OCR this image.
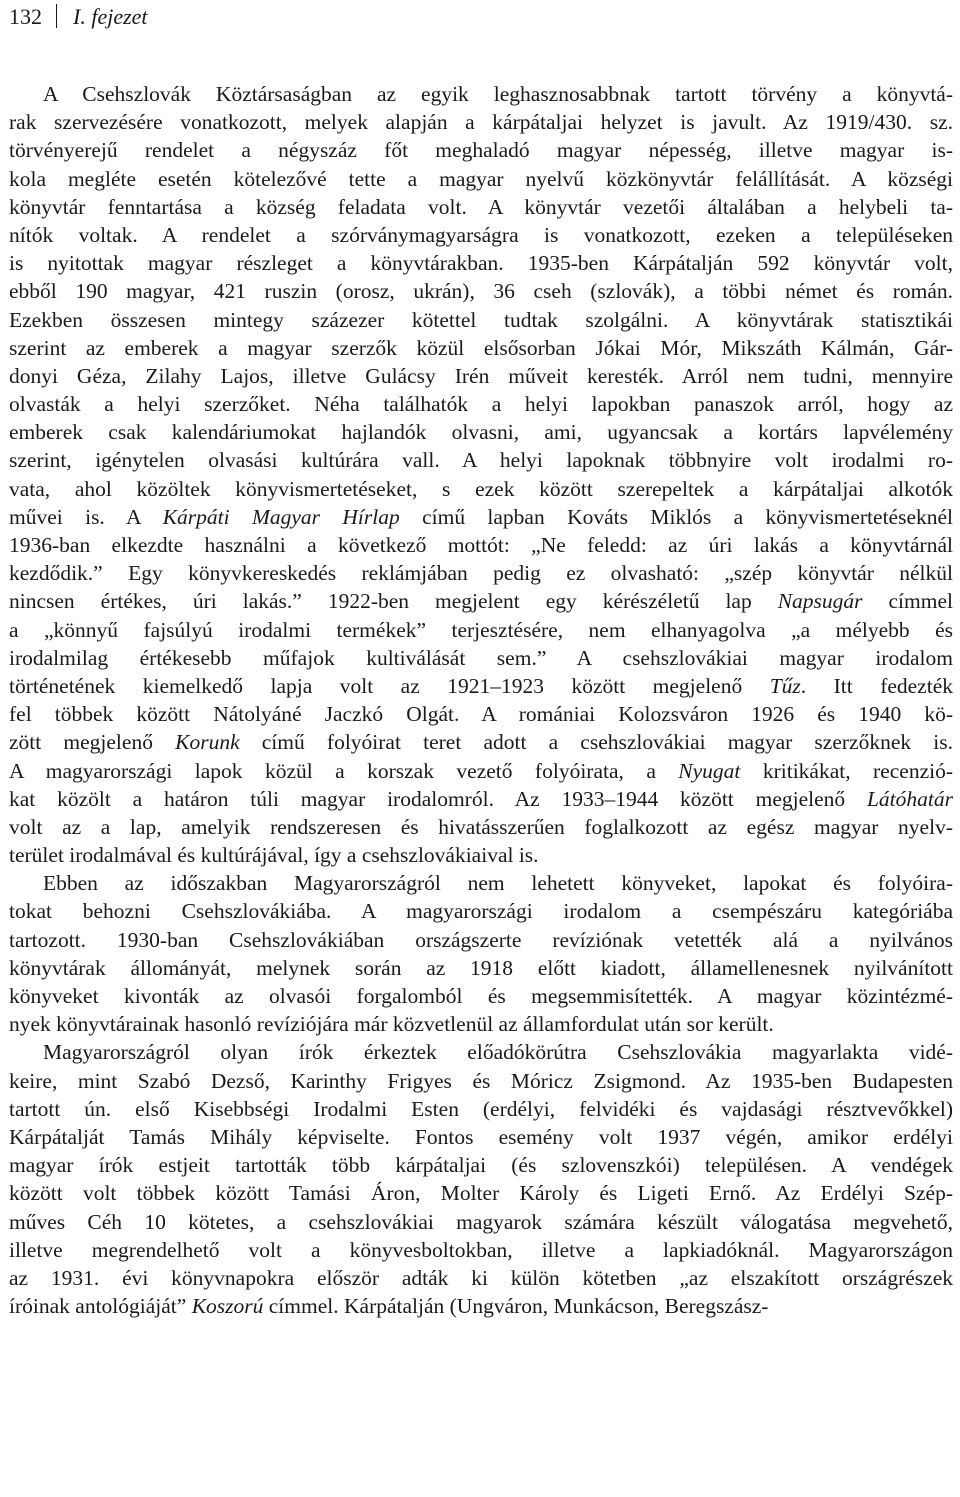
132 I. fejezet
A Csehszlovák Köztársaságban az egyik leghasznosabbnak tartott törvény a könyvtá-
rak szervezésére vonatkozott, melyek alapján a kárpátaljai helyzet is javult. Az 1919/430. sz.
törvényerejű rendelet a négyszáz főt meghaladó magyar népesség, illetve magyar is-
kola megléte esetén kötelezővé tette a magyar nyelvű közkönyvtár felállítását. A községi
könyvtár fenntartása a község feladata volt. A könyvtár vezetői általában a helybeli ta-
nítók voltak. A rendelet a szórványmagyarságra is vonatkozott, ezeken a településeken
is nyitottak magyar részleget a könyvtárakban. 1935-ben Kárpátalján 592 könyvtár volt,
ebből 190 magyar, 421 ruszin (orosz, ukrán), 36 cseh (szlovák), a többi német és román.
Ezekben összesen mintegy százezer kötettel tudtak szolgálni. A könyvtárak statisztikái
szerint az emberek a magyar szerzők közül elsősorban Jókai Mór, Mikszáth Kálmán, Gár-
donyi Géza, Zilahy Lajos, illetve Gulácsy Irén műveit keresték. Arról nem tudni, mennyire
olvasták a helyi szerzőket. Néha találhatók a helyi lapokban panaszok arról, hogy az
emberek csak kalendáriumokat hajlandók olvasni, ami, ugyancsak a kortárs lapvélemény
szerint, igénytelen olvasási kultúrára vall. A helyi lapoknak többnyire volt irodalmi ro-
vata, ahol közöltek könyvismertetéseket, s ezek között szerepeltek a kárpátaljai alkotók
művei is. A Kárpáti Magyar Hírlap című lapban Kováts Miklós a könyvismertetéseknél
1936-ban elkezdte használni a következő mottót: „Ne feledd: az úri lakás a könyvtárnál
kezdődik.” Egy könyvkereskedés reklámjában pedig ez olvasható: „szép könyvtár nélkül
nincsen értékes, úri lakás.” 1922-ben megjelent egy kérészéletű lap Napsugár címmel
a „könnyű fajsúlyú irodalmi termékek” terjesztésére, nem elhanyagolva „a mélyebb és
irodalmilag értékesebb műfajok kultiválását sem.” A csehszlovákiai magyar irodalom
történetének kiemelkedő lapja volt az 1921–1923 között megjelenő Tűz. Itt fedezték
fel többek között Nátolyáné Jaczkó Olgát. A romániai Kolozsváron 1926 és 1940 kö-
zött megjelenő Korunk című folyóirat teret adott a csehszlovákiai magyar szerzőknek is.
A magyarországi lapok közül a korszak vezető folyóirata, a Nyugat kritikákat, recenzió-
kat közölt a határon túli magyar irodalomról. Az 1933–1944 között megjelenő Látóhatár
volt az a lap, amelyik rendszeresen és hivatásszerűen foglalkozott az egész magyar nyelv-
terület irodalmával és kultúrájával, így a csehszlovákiaival is.
Ebben az időszakban Magyarországról nem lehetett könyveket, lapokat és folyóira-
tokat behozni Csehszlovákiába. A magyarországi irodalom a csempészáru kategóriába
tartozott. 1930-ban Csehszlovákiában országszerte revíziónak vetették alá a nyilvános
könyvtárak állományát, melynek során az 1918 előtt kiadott, államellenesnek nyilvánított
könyveket kivonták az olvasói forgalomból és megsemmisítették. A magyar közintézmé-
nyek könyvtárainak hasonló revíziójára már közvetlenül az államfordulat után sor került.
Magyarországról olyan írók érkeztek előadókörútra Csehszlovákia magyarlakta vidé-
keire, mint Szabó Dezső, Karinthy Frigyes és Móricz Zsigmond. Az 1935-ben Budapesten
tartott ún. első Kisebbségi Irodalmi Esten (erdélyi, felvidéki és vajdasági résztvevőkkel)
Kárpátalját Tamás Mihály képviselte. Fontos esemény volt 1937 végén, amikor erdélyi
magyar írók estjeit tartották több kárpátaljai (és szlovenszkói) településen. A vendégek
között volt többek között Tamási Áron, Molter Károly és Ligeti Ernő. Az Erdélyi Szép-
műves Céh 10 kötetes, a csehszlovákiai magyarok számára készült válogatása megvehető,
illetve megrendelhető volt a könyvesboltokban, illetve a lapkiadóknál. Magyarországon
az 1931. évi könyvnapokra először adták ki külön kötetben „az elszakított országrészek
íróinak antológiáját” Koszorú címmel. Kárpátalján (Ungváron, Munkácson, Beregszász-
